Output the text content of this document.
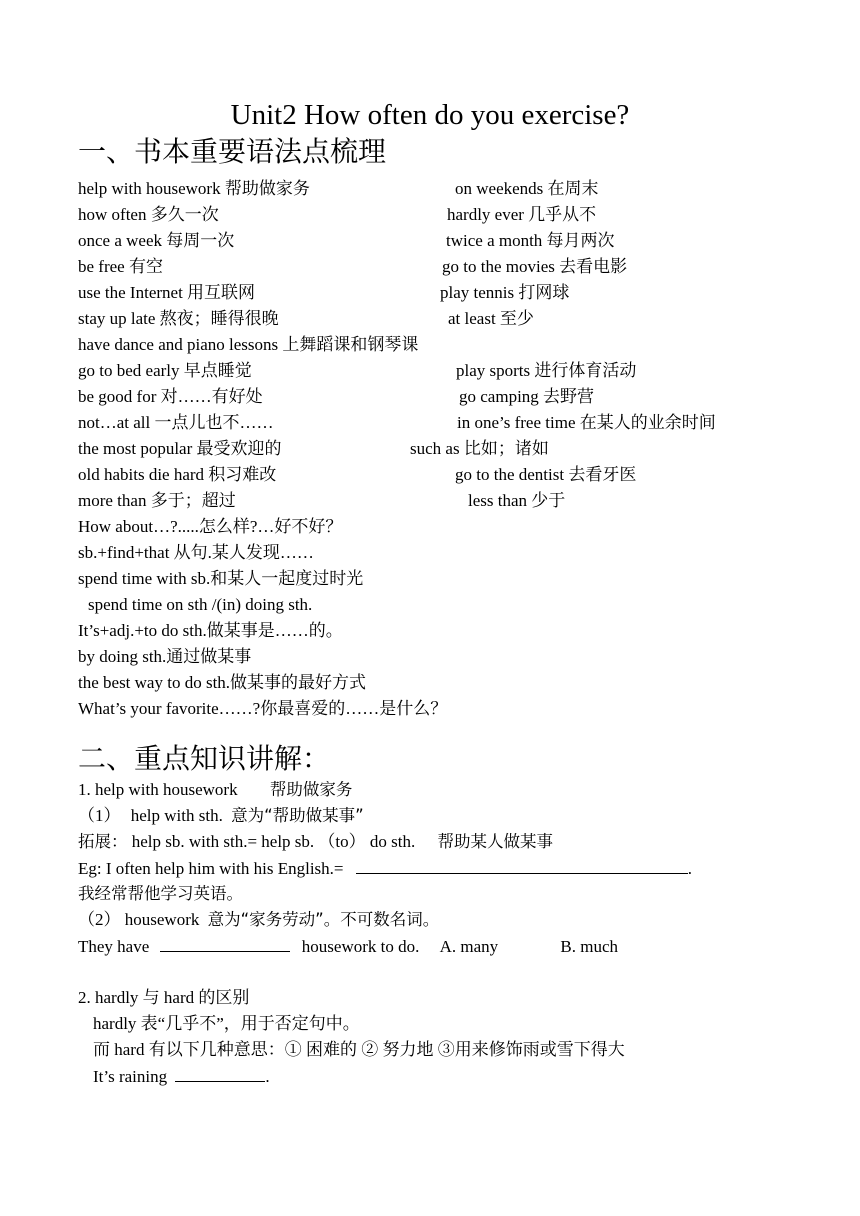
Unit2 How often do you exercise?
一、书本重要语法点梳理
help with housework 帮助做家务	on weekends 在周末
how often 多久一次	hardly ever 几乎从不
once a week 每周一次	twice a month 每月两次
be free 有空	go to the movies 去看电影
use the Internet 用互联网	play tennis 打网球
stay up late 熬夜；睡得很晚	at least 至少
have dance and piano lessons 上舞蹈课和钢琴课
go to bed early 早点睡觉	play sports 进行体育活动
be good for 对……有好处	go camping 去野营
not…at all 一点儿也不……	in one’s free time 在某人的业余时间
the most popular 最受欢迎的	such as 比如；诸如
old habits die hard 积习难改	go to the dentist 去看牙医
more than 多于；超过	less than 少于
How about…?.....怎么样?…好不好？
sb.+find+that 从句.某人发现……
spend time with sb.和某人一起度过时光
spend time on sth /(in) doing sth.
It’s+adj.+to do sth.做某事是……的。
by doing sth.通过做某事
the best way to do sth.做某事的最好方式
What’s your favorite……?你最喜爱的……是什么？
二、重点知识讲解：
1. help with housework 帮助做家务
（1） help with sth. 意为“帮助做某事”
拓展： help sb. with sth.= help sb. （to） do sth. 帮助某人做某事
Eg: I often help him with his English.=	.
我经常帮他学习英语。
（2） housework 意为“家务劳动”。不可数名词。
They have	housework to do. A. many	B. much
2. hardly 与 hard 的区别
hardly 表“几乎不”，用于否定句中。
而 hard 有以下几种意思：① 困难的 ② 努力地 ③用来修饰雨或雪下得大
It’s raining	.
